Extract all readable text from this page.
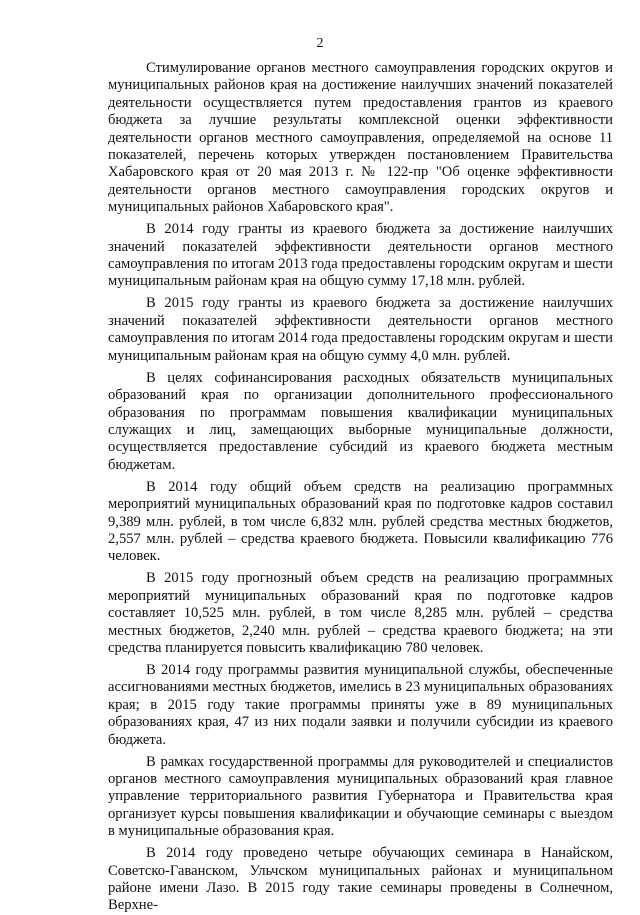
2

Стимулирование органов местного самоуправления городских округов и муниципальных районов края на достижение наилучших значений показателей деятельности осуществляется путем предоставления грантов из краевого бюджета за лучшие результаты комплексной оценки эффективности деятельности органов местного самоуправления, определяемой на основе 11 показателей, перечень которых утвержден постановлением Правительства Хабаровского края от 20 мая 2013 г. № 122-пр "Об оценке эффективности деятельности органов местного самоуправления городских округов и муниципальных районов Хабаровского края".

В 2014 году гранты из краевого бюджета за достижение наилучших значений показателей эффективности деятельности органов местного самоуправления по итогам 2013 года предоставлены городским округам и шести муниципальным районам края на общую сумму 17,18 млн. рублей.

В 2015 году гранты из краевого бюджета за достижение наилучших значений показателей эффективности деятельности органов местного самоуправления по итогам 2014 года предоставлены городским округам и шести муниципальным районам края на общую сумму 4,0 млн. рублей.

В целях софинансирования расходных обязательств муниципальных образований края по организации дополнительного профессионального образования по программам повышения квалификации муниципальных служащих и лиц, замещающих выборные муниципальные должности, осуществляется предоставление субсидий из краевого бюджета местным бюджетам.

В 2014 году общий объем средств на реализацию программных мероприятий муниципальных образований края по подготовке кадров составил 9,389 млн. рублей, в том числе 6,832 млн. рублей средства местных бюджетов, 2,557 млн. рублей – средства краевого бюджета. Повысили квалификацию 776 человек.

В 2015 году прогнозный объем средств на реализацию программных мероприятий муниципальных образований края по подготовке кадров составляет 10,525 млн. рублей, в том числе 8,285 млн. рублей – средства местных бюджетов, 2,240 млн. рублей – средства краевого бюджета; на эти средства планируется повысить квалификацию 780 человек.

В 2014 году программы развития муниципальной службы, обеспеченные ассигнованиями местных бюджетов, имелись в 23 муниципальных образованиях края; в 2015 году такие программы приняты уже в 89 муниципальных образованиях края, 47 из них подали заявки и получили субсидии из краевого бюджета.

В рамках государственной программы для руководителей и специалистов органов местного самоуправления муниципальных образований края главное управление территориального развития Губернатора и Правительства края организует курсы повышения квалификации и обучающие семинары с выездом в муниципальные образования края.

В 2014 году проведено четыре обучающих семинара в Нанайском, Советско-Гаванском, Ульчском муниципальных районах и муниципальном районе имени Лазо. В 2015 году такие семинары проведены в Солнечном, Верхне-
